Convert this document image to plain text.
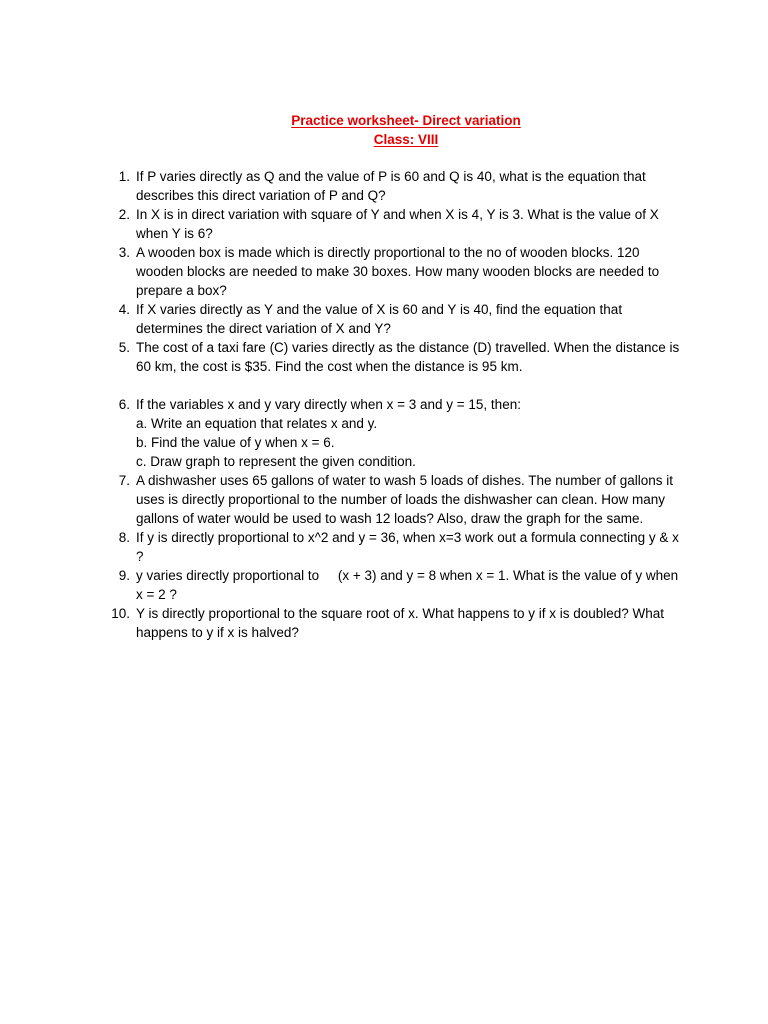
Practice worksheet- Direct variation
Class: VIII
1. If P varies directly as Q and the value of P is 60 and Q is 40, what is the equation that describes this direct variation of P and Q?
2. In X is in direct variation with square of Y and when X is 4, Y is 3. What is the value of X when Y is 6?
3. A wooden box is made which is directly proportional to the no of wooden blocks. 120 wooden blocks are needed to make 30 boxes. How many wooden blocks are needed to prepare a box?
4. If X varies directly as Y and the value of X is 60 and Y is 40, find the equation that determines the direct variation of X and Y?
5. The cost of a taxi fare (C) varies directly as the distance (D) travelled. When the distance is 60 km, the cost is $35. Find the cost when the distance is 95 km.
6. If the variables x and y vary directly when x = 3 and y = 15, then:
a. Write an equation that relates x and y.
b. Find the value of y when x = 6.
c. Draw graph to represent the given condition.
7. A dishwasher uses 65 gallons of water to wash 5 loads of dishes. The number of gallons it uses is directly proportional to the number of loads the dishwasher can clean. How many gallons of water would be used to wash 12 loads? Also, draw the graph for the same.
8. If y is directly proportional to x^2 and y = 36, when x=3 work out a formula connecting y & x ?
9. y varies directly proportional to     (x + 3) and y = 8 when x = 1. What is the value of y when x = 2 ?
10. Y is directly proportional to the square root of x. What happens to y if x is doubled? What happens to y if x is halved?
